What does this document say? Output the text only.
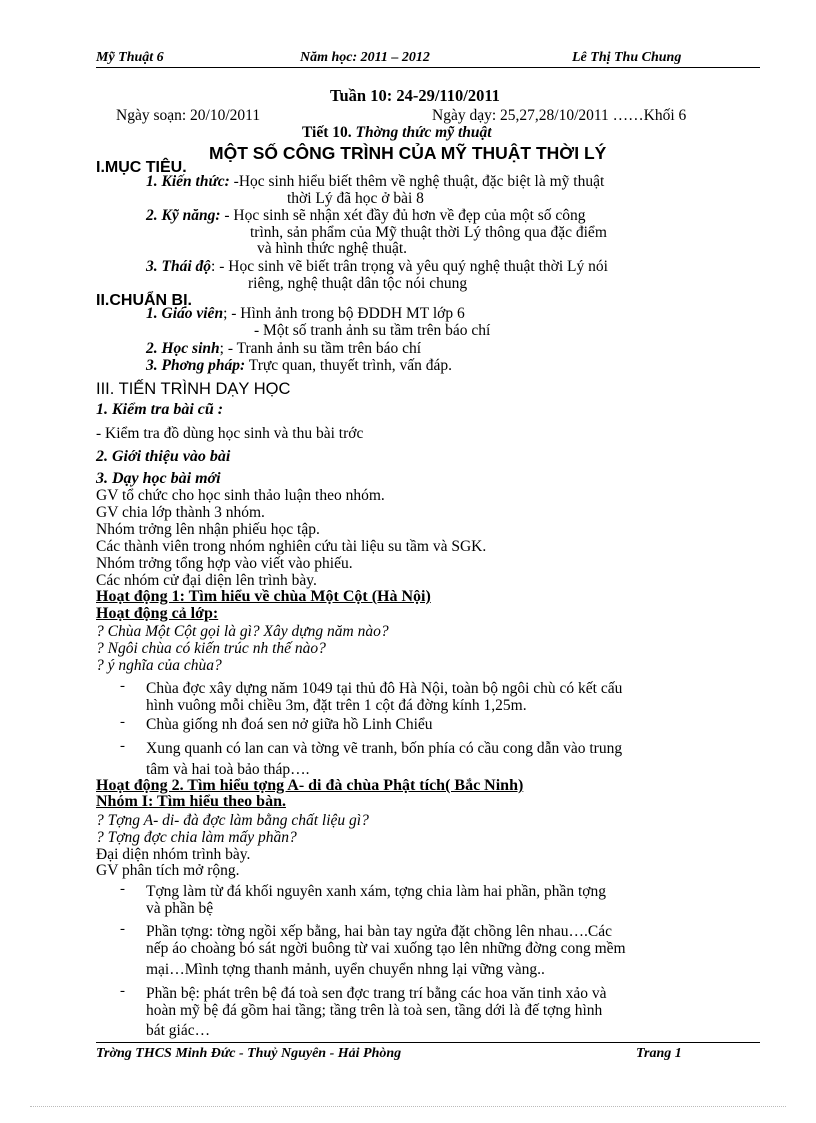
Mỹ Thuật 6	Năm học: 2011 – 2012	Lê Thị Thu Chung
Tuần 10: 24-29/110/2011
Ngày soạn: 20/10/2011	Ngày dạy: 25,27,28/10/2011 ……Khối 6
Tiết 10. Thờng thức mỹ thuật
MỘT SỐ CÔNG TRÌNH CỦA MỸ THUẬT THỜI LÝ
I.MỤC TIÊU.
1. Kiến thức: -Học sinh hiểu biết thêm về nghệ thuật, đặc biệt là mỹ thuật
thời Lý đã học ở bài 8
2. Kỹ năng: - Học sinh sẽ nhận xét đầy đủ hơn về đẹp của một số công
trình, sản phẩm của Mỹ thuật thời Lý thông qua đặc điểm
và hình thức nghệ thuật.
3. Thái độ: - Học sinh vẽ biết trân trọng và yêu quý nghệ thuật thời Lý nói
riêng, nghệ thuật dân tộc nói chung
II.CHUẨN BỊ.
1. Giáo viên; - Hình ảnh trong bộ ĐDDH MT lớp 6
- Một số tranh ảnh su tầm trên báo chí
2. Học sinh; - Tranh ảnh su tầm trên báo chí
3. Phơng pháp: Trực quan, thuyết trình, vấn đáp.
III. TIẾN TRÌNH DẠY HỌC
1. Kiểm tra bài cũ :
- Kiểm tra đồ dùng học sinh và thu bài trớc
2. Giới thiệu vào bài
3. Dạy học bài mới
GV tổ chức cho học sinh thảo luận theo nhóm.
GV chia lớp thành 3 nhóm.
Nhóm trởng lên nhận phiếu học tập.
Các thành viên trong nhóm nghiên cứu tài liệu su tầm và SGK.
Nhóm trởng tổng hợp vào viết vào phiếu.
Các nhóm cử đại diện lên trình bày.
Hoạt động 1: Tìm hiểu về chùa Một Cột (Hà Nội)
Hoạt động cả lớp:
? Chùa Một Cột gọi là gì? Xây dựng năm nào?
? Ngôi chùa có kiến trúc nh thế nào?
? ý nghĩa của chùa?
- Chùa đợc xây dựng năm 1049 tại thủ đô Hà Nội, toàn bộ ngôi chù có kết cấu
hình vuông mỗi chiều 3m, đặt trên 1 cột đá đờng kính 1,25m.
- Chùa giống nh đoá sen nở giữa hồ Linh Chiểu
- Xung quanh có lan can và tờng vẽ tranh, bốn phía có cầu cong dẫn vào trung
tâm và hai toà bảo tháp….
Hoạt động 2. Tìm hiểu tợng A- di đà chùa Phật tích( Bắc Ninh)
Nhóm I: Tìm hiểu theo bàn.
? Tợng A- di- đà đợc làm bằng chất liệu gì?
? Tợng đợc chia làm mấy phần?
Đại diện nhóm trình bày.
GV phân tích mở rộng.
- Tợng làm từ đá khối nguyên xanh xám, tợng chia làm hai phần, phần tợng
và phần bệ
- Phần tợng: tờng ngồi xếp bằng, hai bàn tay ngửa đặt chồng lên nhau….Các
nếp áo choàng bó sát ngời buông từ vai xuống tạo lên những đờng cong mềm
mại…Mình tợng thanh mảnh, uyển chuyển nhng lại vững vàng..
- Phần bệ: phát trên bệ đá toà sen đợc trang trí bằng các hoa văn tinh xảo và
hoàn mỹ bệ đá gồm hai tầng; tầng trên là toà sen, tầng dới là đế tợng hình
bát giác…
Trờng THCS Minh Đức - Thuỷ Nguyên - Hải Phòng	Trang 1
